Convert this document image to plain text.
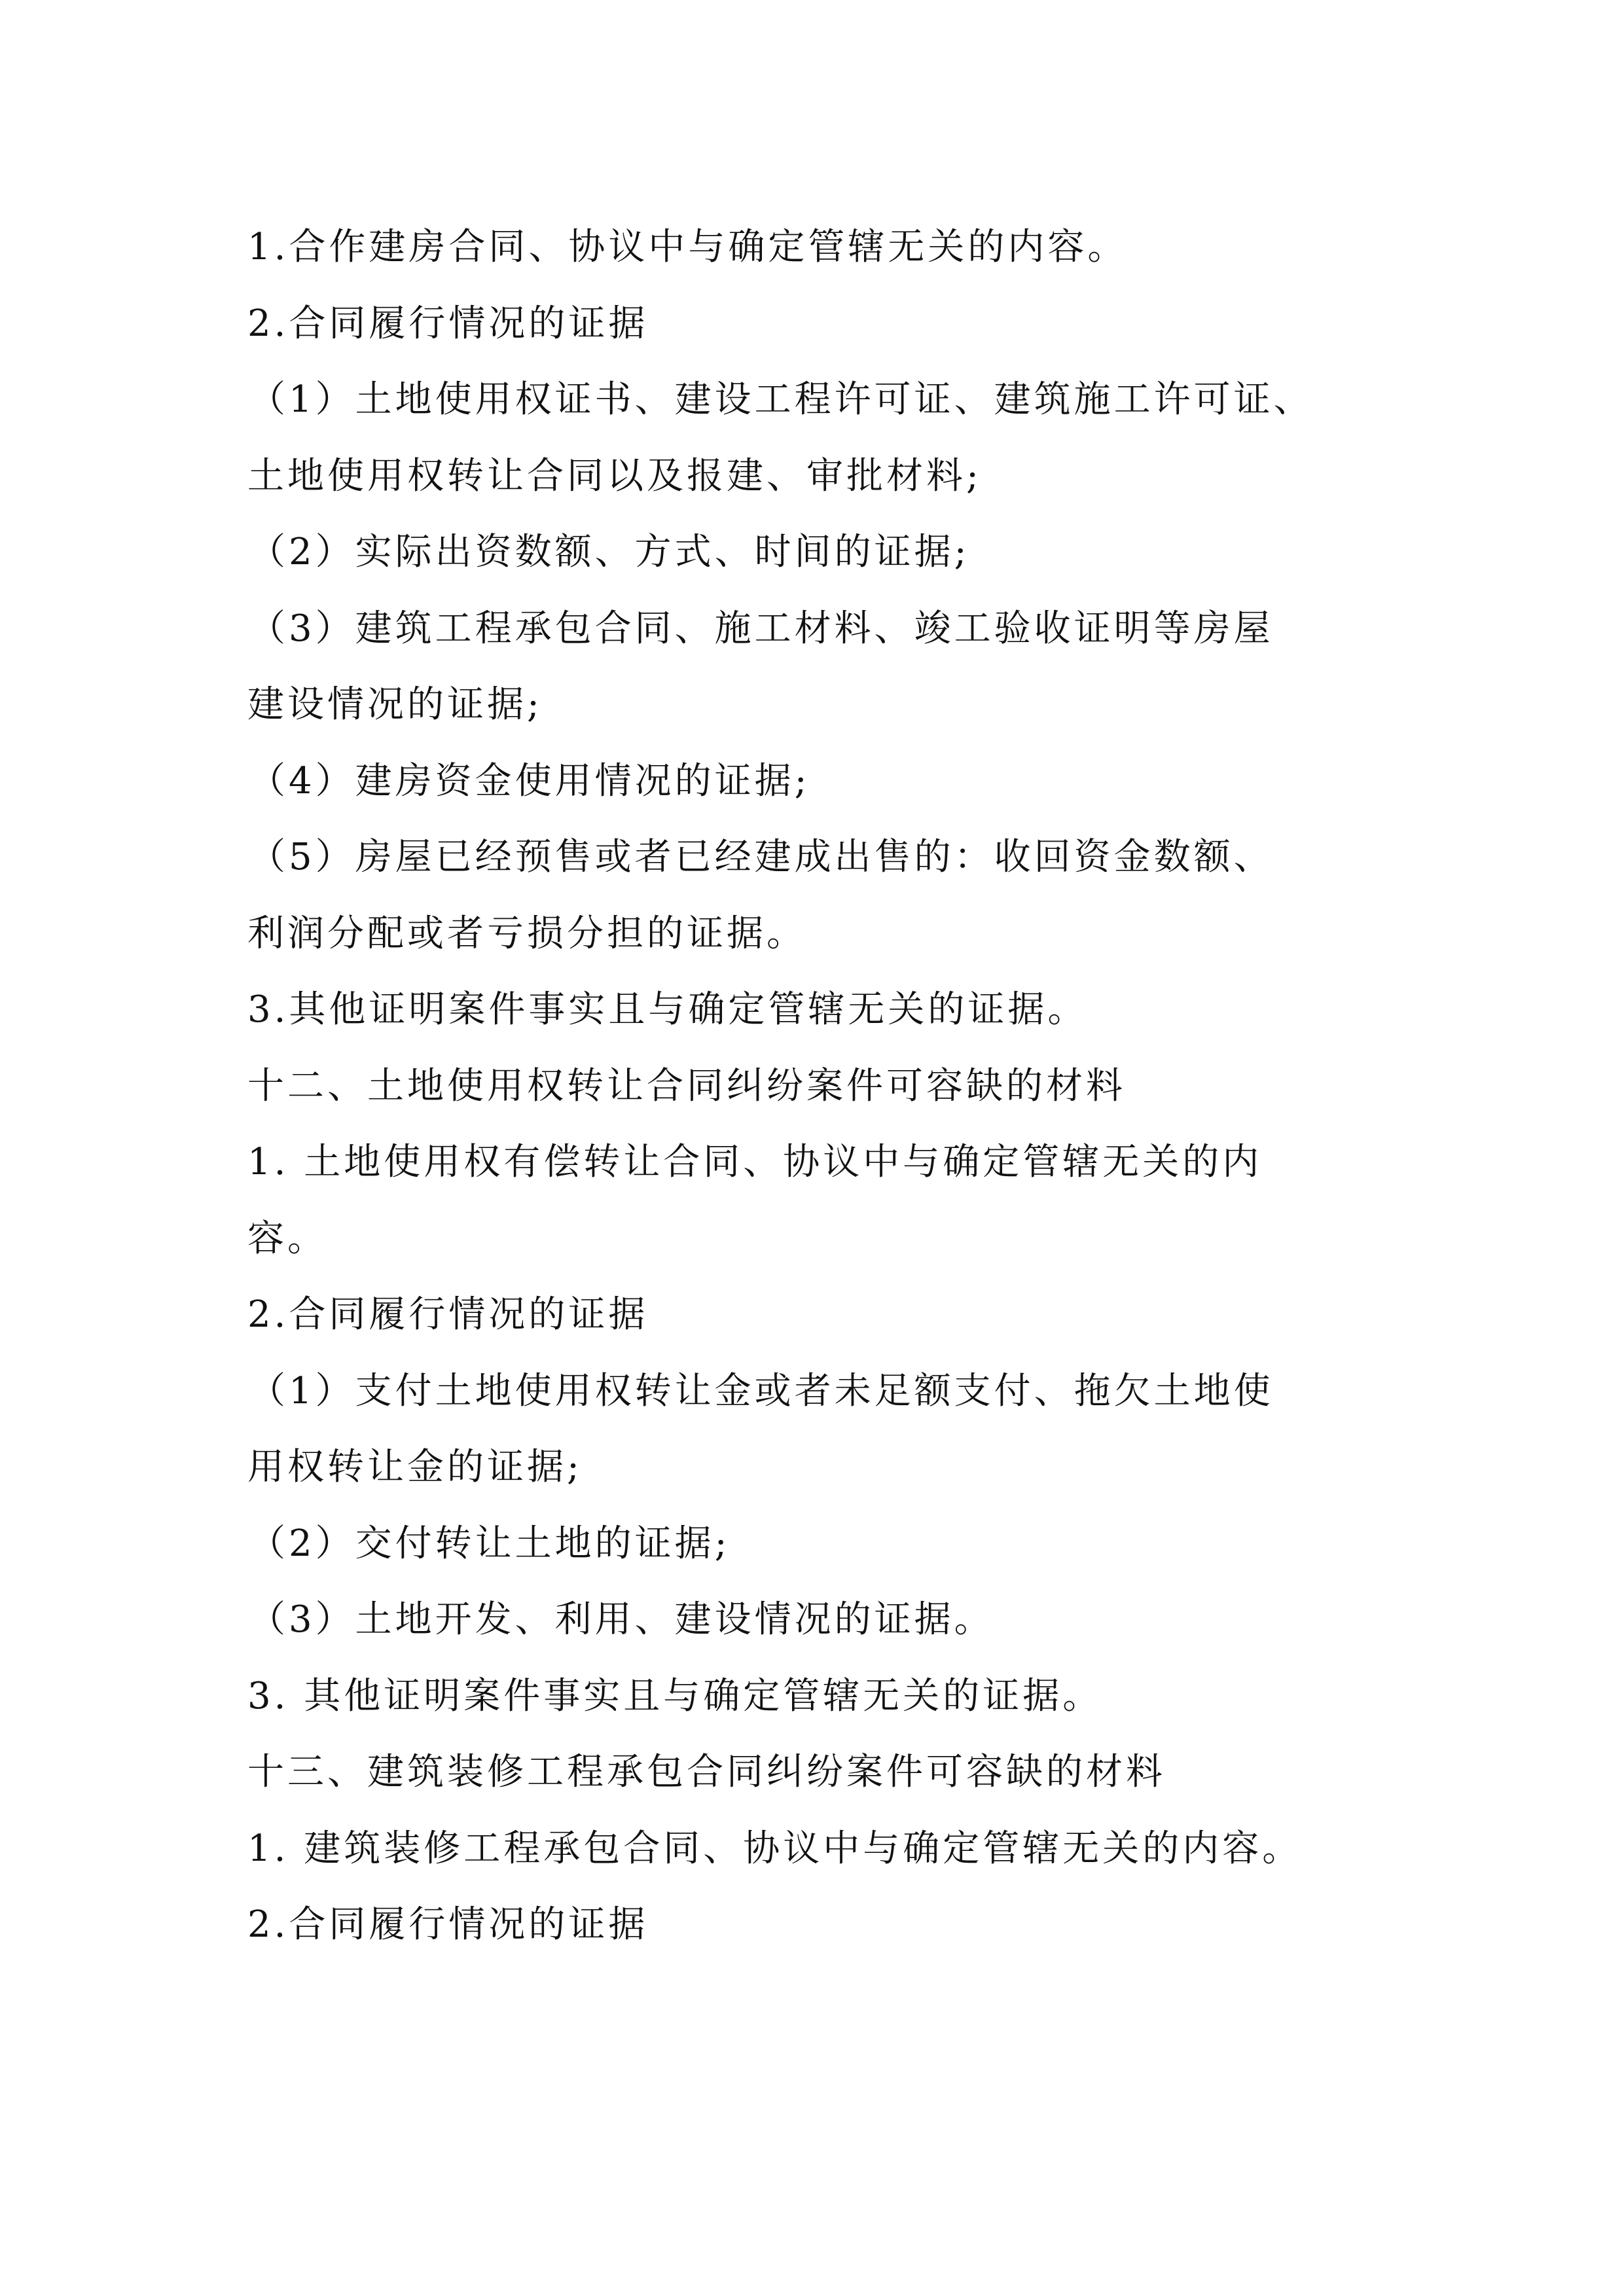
1.合作建房合同、协议中与确定管辖无关的内容。
2.合同履行情况的证据
（1）土地使用权证书、建设工程许可证、建筑施工许可证、
土地使用权转让合同以及报建、审批材料;
（2）实际出资数额、方式、时间的证据;
（3）建筑工程承包合同、施工材料、竣工验收证明等房屋
建设情况的证据;
（4）建房资金使用情况的证据;
（5）房屋已经预售或者已经建成出售的：收回资金数额、
利润分配或者亏损分担的证据。
3.其他证明案件事实且与确定管辖无关的证据。
十二、土地使用权转让合同纠纷案件可容缺的材料
1. 土地使用权有偿转让合同、协议中与确定管辖无关的内
容。
2.合同履行情况的证据
（1）支付土地使用权转让金或者未足额支付、拖欠土地使
用权转让金的证据;
（2）交付转让土地的证据;
（3）土地开发、利用、建设情况的证据。
3. 其他证明案件事实且与确定管辖无关的证据。
十三、建筑装修工程承包合同纠纷案件可容缺的材料
1. 建筑装修工程承包合同、协议中与确定管辖无关的内容。
2.合同履行情况的证据
